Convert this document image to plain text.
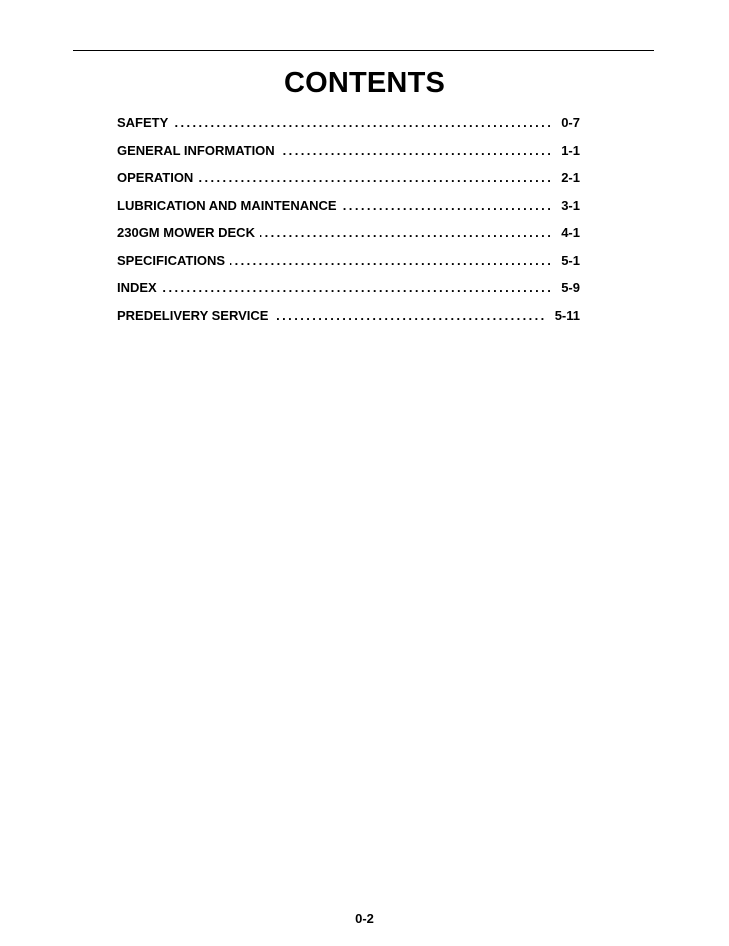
CONTENTS
SAFETY .....	0-7
GENERAL INFORMATION .....	1-1
OPERATION .....	2-1
LUBRICATION AND MAINTENANCE .....	3-1
230GM MOWER DECK .....	4-1
SPECIFICATIONS .....	5-1
INDEX .....	5-9
PREDELIVERY SERVICE .....	5-11
0-2
